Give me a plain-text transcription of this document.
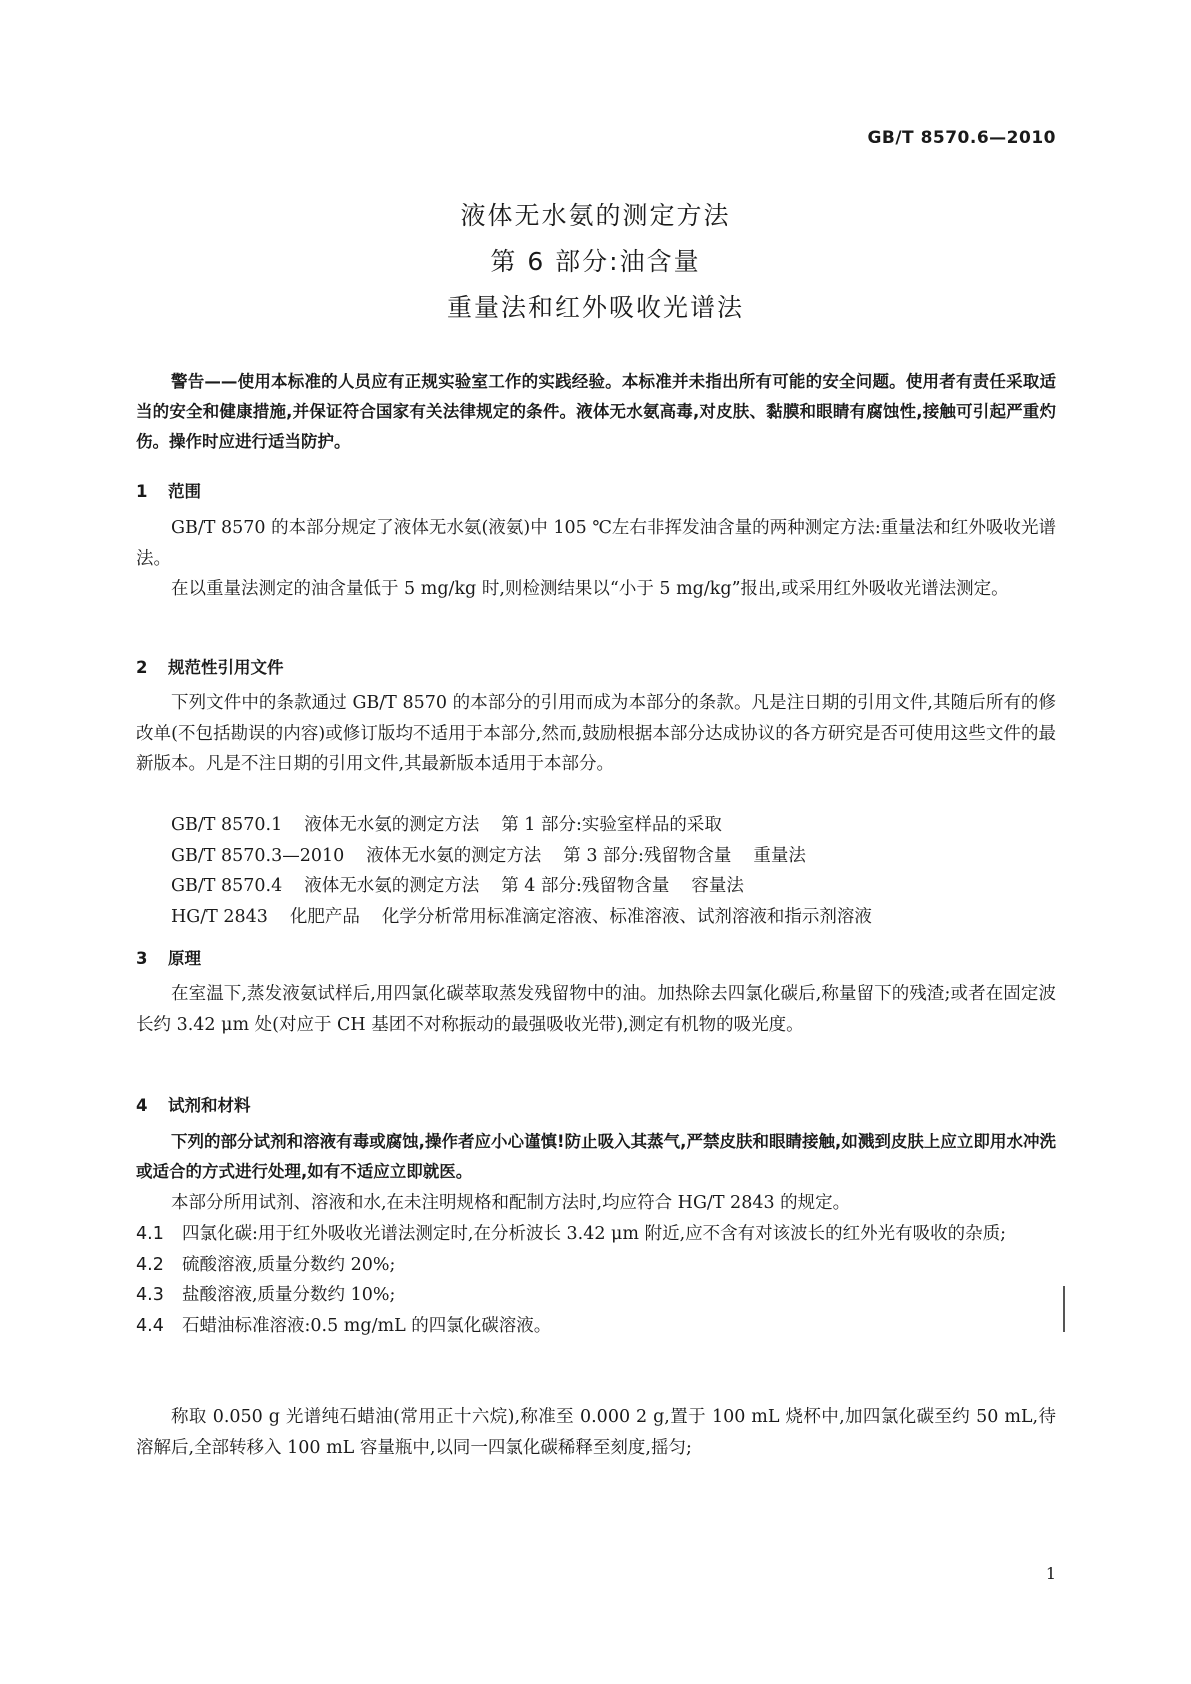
GB/T 8570.6—2010
液体无水氨的测定方法
第 6 部分:油含量
重量法和红外吸收光谱法

警告——使用本标准的人员应有正规实验室工作的实践经验。本标准并未指出所有可能的安全问题。使用者有责任采取适当的安全和健康措施,并保证符合国家有关法律规定的条件。液体无水氨高毒,对皮肤、黏膜和眼睛有腐蚀性,接触可引起严重灼伤。操作时应进行适当防护。

1 范围

GB/T 8570 的本部分规定了液体无水氨(液氨)中 105 ℃左右非挥发油含量的两种测定方法:重量法和红外吸收光谱法。

在以重量法测定的油含量低于 5 mg/kg 时,则检测结果以“小于 5 mg/kg”报出,或采用红外吸收光谱法测定。

2 规范性引用文件

下列文件中的条款通过 GB/T 8570 的本部分的引用而成为本部分的条款。凡是注日期的引用文件,其随后所有的修改单(不包括勘误的内容)或修订版均不适用于本部分,然而,鼓励根据本部分达成协议的各方研究是否可使用这些文件的最新版本。凡是不注日期的引用文件,其最新版本适用于本部分。

GB/T 8570.1 液体无水氨的测定方法 第 1 部分:实验室样品的采取
GB/T 8570.3—2010 液体无水氨的测定方法 第 3 部分:残留物含量 重量法
GB/T 8570.4 液体无水氨的测定方法 第 4 部分:残留物含量 容量法
HG/T 2843 化肥产品 化学分析常用标准滴定溶液、标准溶液、试剂溶液和指示剂溶液
3 原理

在室温下,蒸发液氨试样后,用四氯化碳萃取蒸发残留物中的油。加热除去四氯化碳后,称量留下的残渣;或者在固定波长约 3.42 μm 处(对应于 CH 基团不对称振动的最强吸收光带),测定有机物的吸光度。

4 试剂和材料

下列的部分试剂和溶液有毒或腐蚀,操作者应小心谨慎!防止吸入其蒸气,严禁皮肤和眼睛接触,如溅到皮肤上应立即用水冲洗或适合的方式进行处理,如有不适应立即就医。

本部分所用试剂、溶液和水,在未注明规格和配制方法时,均应符合 HG/T 2843 的规定。

4.1 四氯化碳:用于红外吸收光谱法测定时,在分析波长 3.42 μm 附近,应不含有对该波长的红外光有吸收的杂质;
4.2 硫酸溶液,质量分数约 20%;
4.3 盐酸溶液,质量分数约 10%;
4.4 石蜡油标准溶液:0.5 mg/mL 的四氯化碳溶液。

称取 0.050 g 光谱纯石蜡油(常用正十六烷),称准至 0.000 2 g,置于 100 mL 烧杯中,加四氯化碳至约 50 mL,待溶解后,全部转移入 100 mL 容量瓶中,以同一四氯化碳稀释至刻度,摇匀;

1
